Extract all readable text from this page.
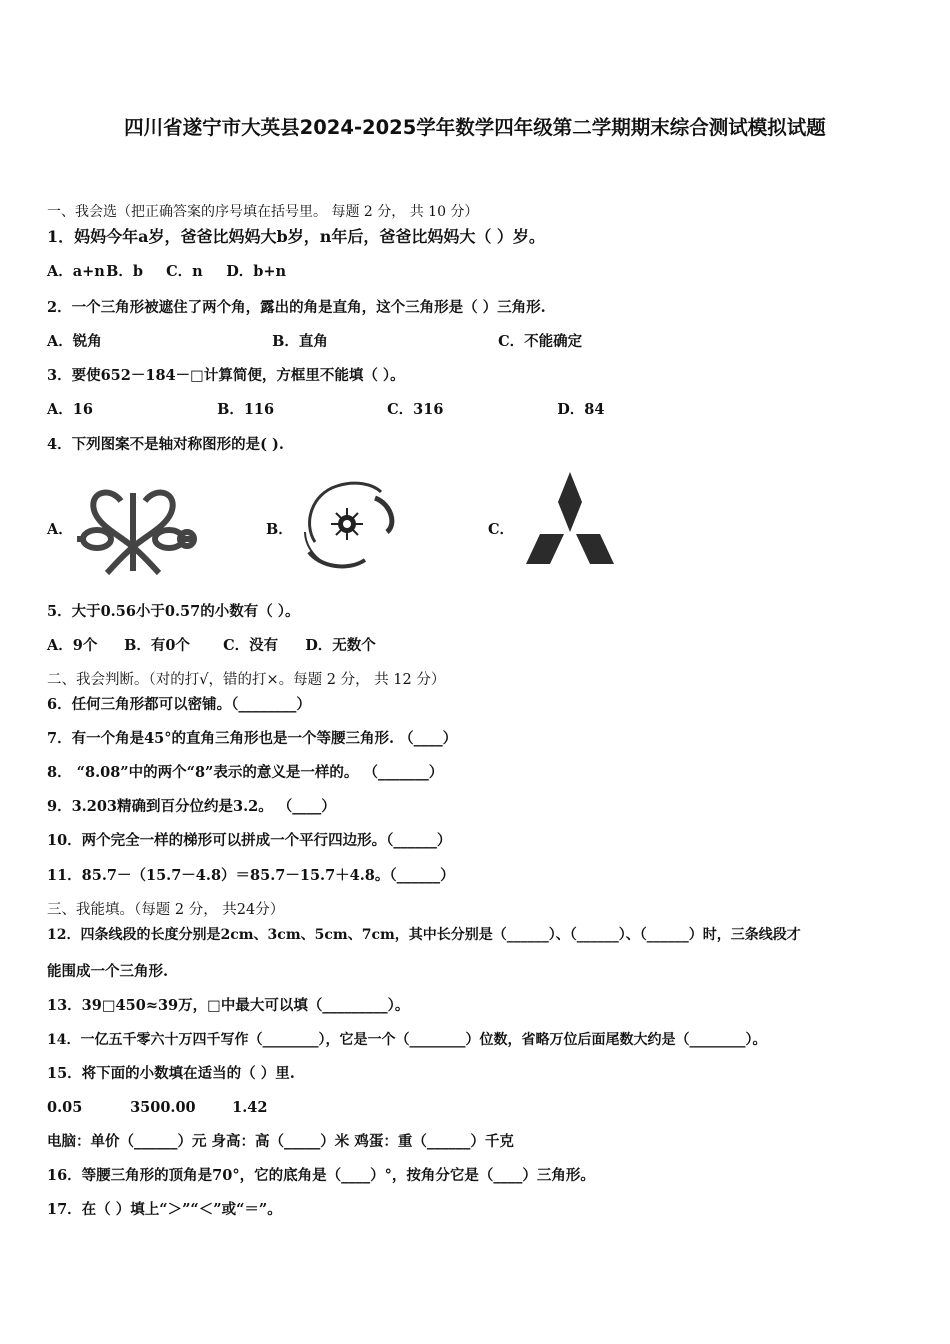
四川省遂宁市大英县2024-2025学年数学四年级第二学期期末综合测试模拟试题
一、我会选（把正确答案的序号填在括号里。 每题 2 分， 共 10 分）
1．妈妈今年a岁，爸爸比妈妈大b岁，n年后，爸爸比妈妈大（ ）岁。
A．a+n B．b C．n D．b+n
2．一个三角形被遮住了两个角，露出的角是直角，这个三角形是（ ）三角形.
A．锐角	B．直角	C．不能确定
3．要使652－184－□计算简便，方框里不能填（ ）。
A．16	B．116	C．316	D．84
4．下列图案不是轴对称图形的是( ).
A．	B．	C．
5．大于0.56小于0.57的小数有（ ）。
A．9个 B．有0个 C．没有 D．无数个
二、我会判断。（对的打√，错的打×。每题 2 分， 共 12 分）
6．任何三角形都可以密铺。（________）
7．有一个角是45°的直角三角形也是一个等腰三角形. （____）
8． “8.08”中的两个“8”表示的意义是一样的。 （_______）
9．3.203精确到百分位约是3.2。 （____）
10．两个完全一样的梯形可以拼成一个平行四边形。（______）
11．85.7－（15.7－4.8）＝85.7－15.7＋4.8。（______）
三、我能填。（每题 2 分， 共24分）
12．四条线段的长度分别是2cm、3cm、5cm、7cm，其中长分别是（______）、（______）、（______）时，三条线段才
能围成一个三角形.
13．39□450≈39万，□中最大可以填（_________）。
14．一亿五千零六十万四千写作（________），它是一个（________）位数，省略万位后面尾数大约是（________）。
15．将下面的小数填在适当的（ ）里.
0.05	3500.00	1.42
电脑：单价（______）元 身高：高（_____）米 鸡蛋：重（______）千克
16．等腰三角形的顶角是70°，它的底角是（____）°，按角分它是（____）三角形。
17．在（ ）填上“＞”“＜”或“＝”。
